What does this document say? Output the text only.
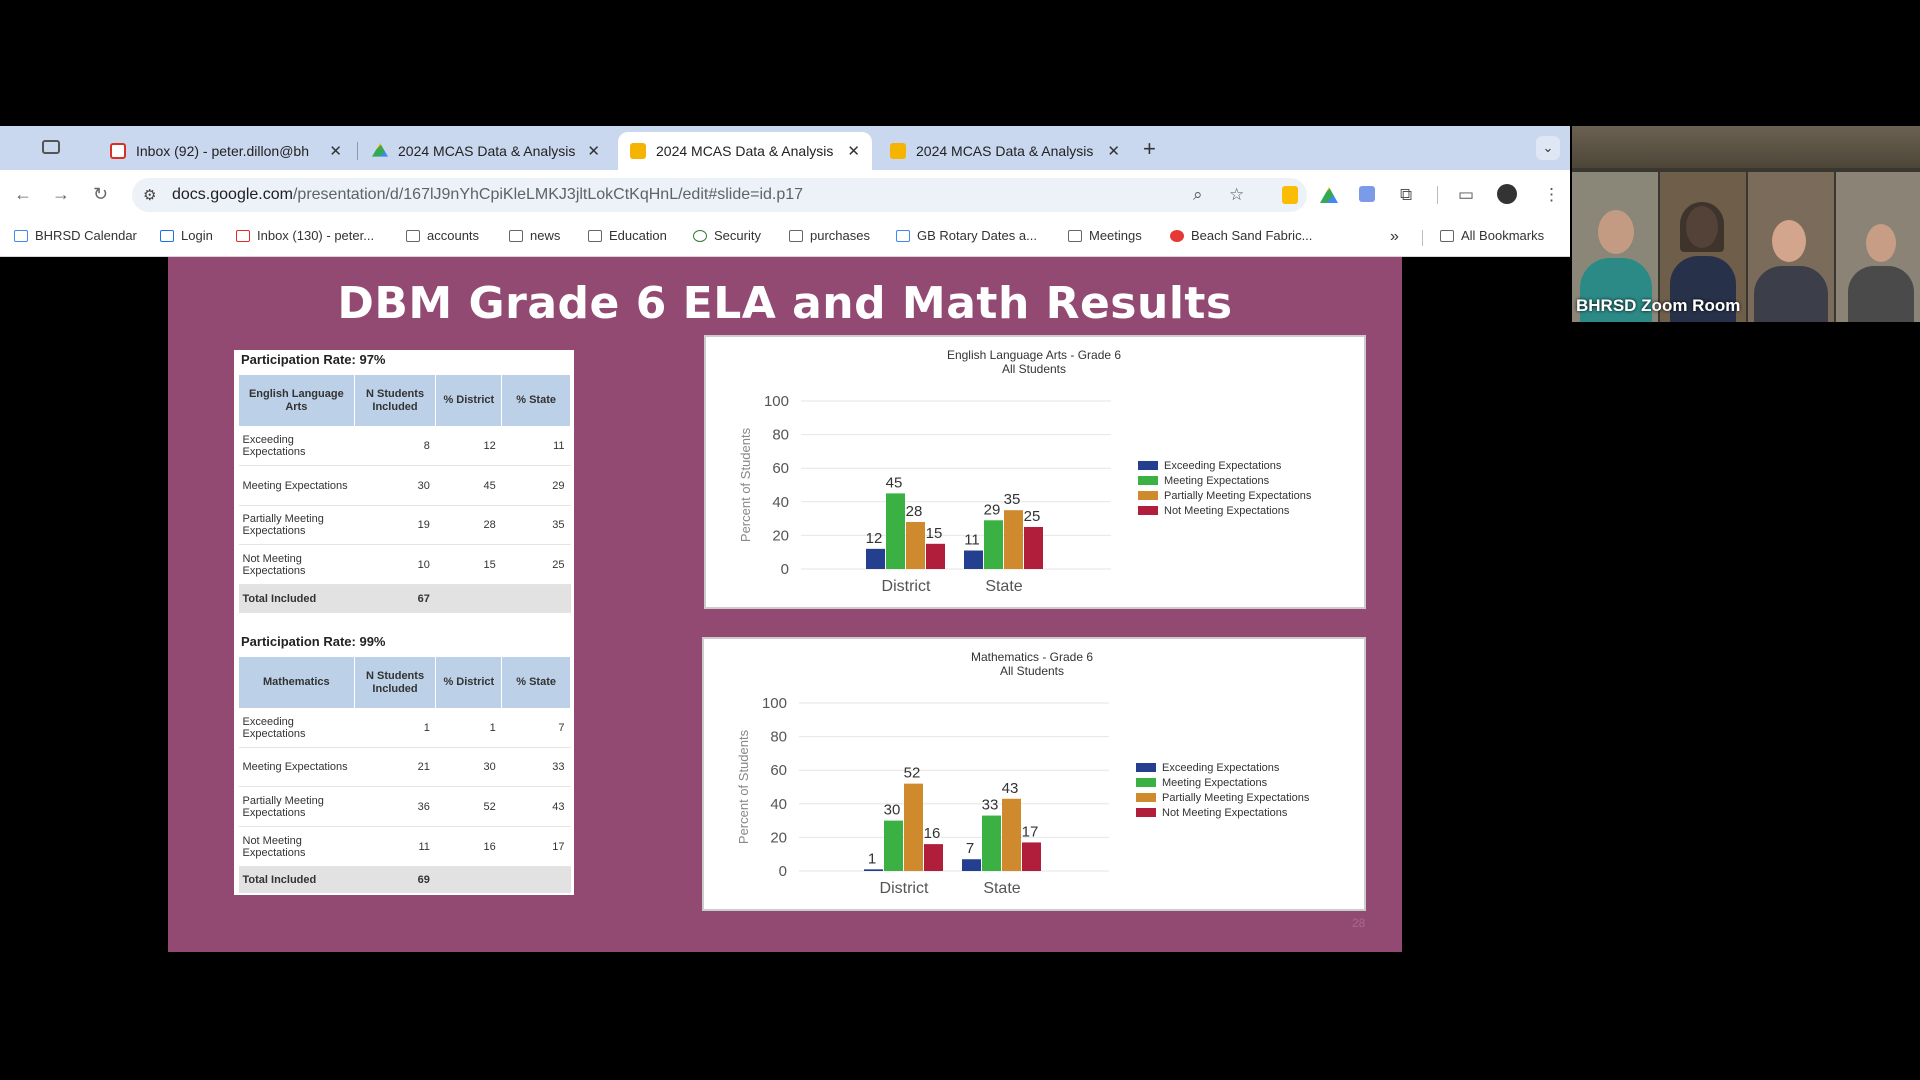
Inbox (92) - peter.dillon@bh	✕	2024 MCAS Data & Analysis ✕	2024 MCAS Data & Analysis ✕	2024 MCAS Data & Analysis ✕ +	⌄
← → ↻ ⚙ docs.google.com/presentation/d/167lJ9nYhCpiKleLMKJ3jltLokCtKqHnL/edit#slide=id.p17	⌕ ☆	⧉	▭	⋮
BHRSD Calendar	Login	Inbox (130) - peter...	accounts	news	Education	Security	purchases	GB Rotary Dates a...	Meetings	Beach Sand Fabric...	»	All Bookmarks
DBM Grade 6 ELA and Math Results
28
Participation Rate: 97%
English Language Arts	N Students Included	% District	% State
Exceeding Expectations	8	12	11
Meeting Expectations	30	45	29
Partially Meeting Expectations	19	28	35
Not Meeting Expectations	10	15	25
Total Included	67		
Participation Rate: 99%
Mathematics	N Students Included	% District	% State
Exceeding Expectations	1	1	7
Meeting Expectations	21	30	33
Partially Meeting Expectations	36	52	43
Not Meeting Expectations	11	16	17
Total Included	69		
English Language Arts - Grade 6
All Students
0
20
40
60
80
100
Percent of Students	12
45
28
15
District
11
29
35
25
State
Exceeding Expectations
Meeting Expectations
Partially Meeting Expectations
Not Meeting Expectations
Mathematics - Grade 6
All Students
0
20
40
60
80
100
Percent of Students
1
30
52
16
District
7
33
43
17
State
Exceeding Expectations
Meeting Expectations
Partially Meeting Expectations
Not Meeting Expectations
BHRSD Zoom Room
